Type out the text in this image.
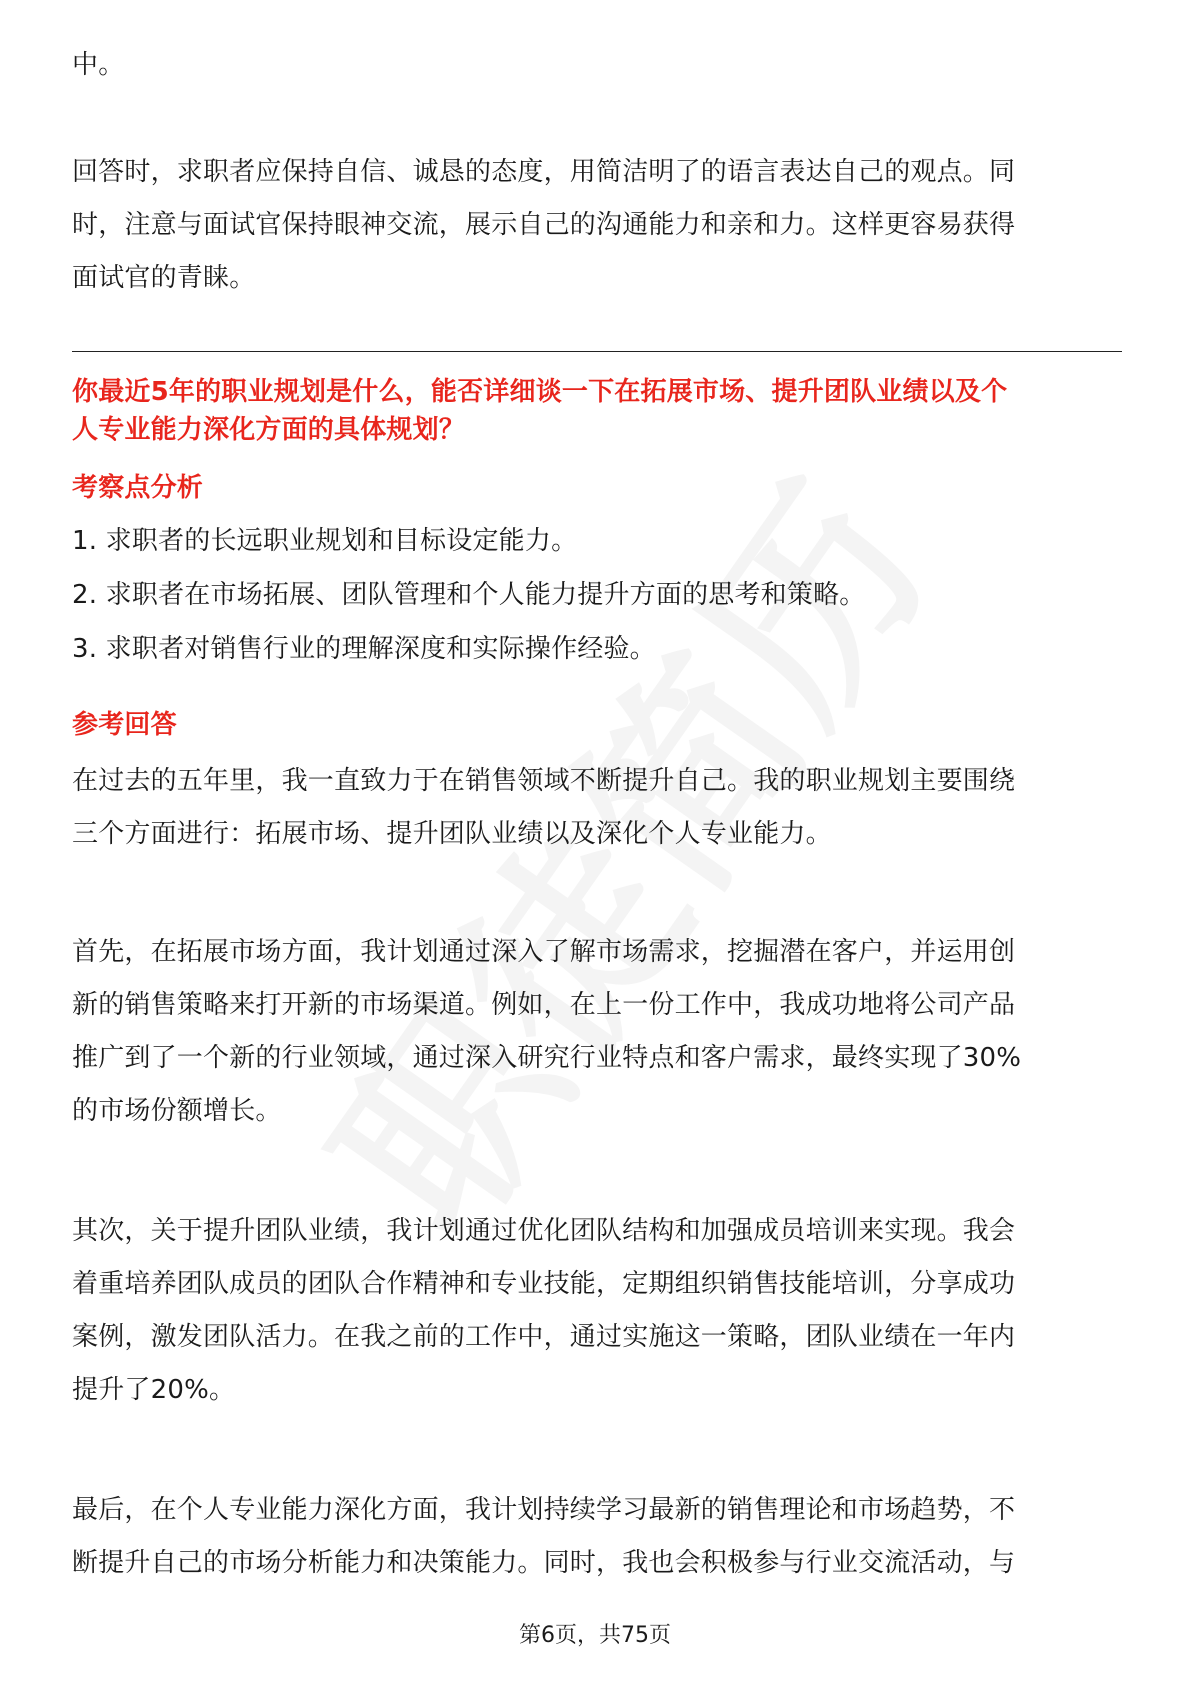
中。
回答时，求职者应保持自信、诚恳的态度，用简洁明了的语言表达自己的观点。同
时，注意与面试官保持眼神交流，展示自己的沟通能力和亲和力。这样更容易获得
面试官的青睐。
你最近5年的职业规划是什么，能否详细谈一下在拓展市场、提升团队业绩以及个
人专业能力深化方面的具体规划？
考察点分析
1. 求职者的长远职业规划和目标设定能力。
2. 求职者在市场拓展、团队管理和个人能力提升方面的思考和策略。
3. 求职者对销售行业的理解深度和实际操作经验。
参考回答
在过去的五年里，我一直致力于在销售领域不断提升自己。我的职业规划主要围绕
三个方面进行：拓展市场、提升团队业绩以及深化个人专业能力。
首先，在拓展市场方面，我计划通过深入了解市场需求，挖掘潜在客户，并运用创
新的销售策略来打开新的市场渠道。例如，在上一份工作中，我成功地将公司产品
推广到了一个新的行业领域，通过深入研究行业特点和客户需求，最终实现了30%
的市场份额增长。
其次，关于提升团队业绩，我计划通过优化团队结构和加强成员培训来实现。我会
着重培养团队成员的团队合作精神和专业技能，定期组织销售技能培训，分享成功
案例，激发团队活力。在我之前的工作中，通过实施这一策略，团队业绩在一年内
提升了20%。
最后，在个人专业能力深化方面，我计划持续学习最新的销售理论和市场趋势，不
断提升自己的市场分析能力和决策能力。同时，我也会积极参与行业交流活动，与
第6页，共75页
